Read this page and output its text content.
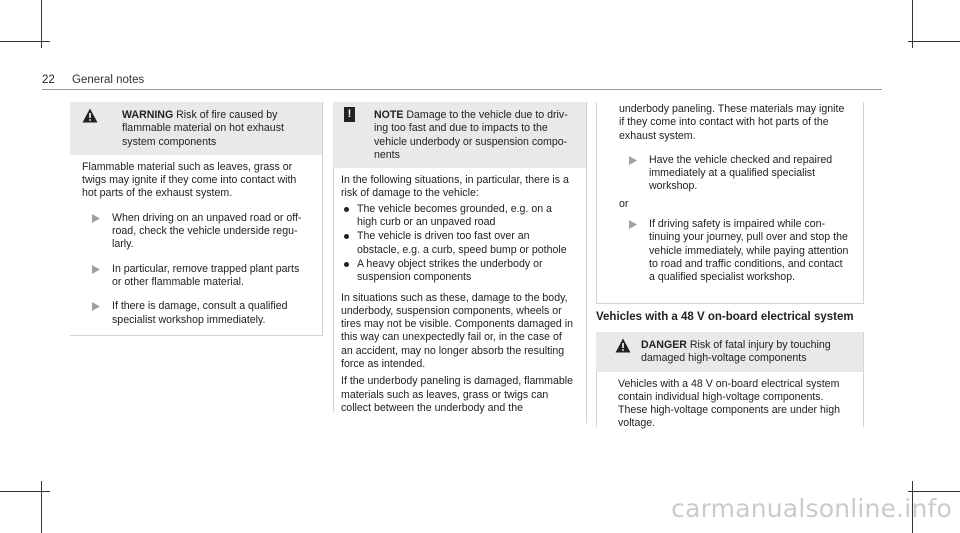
22 General notes
WARNING Risk of fire caused by flammable material on hot exhaust system components

Flammable material such as leaves, grass or twigs may ignite if they come into contact with hot parts of the exhaust system.

When driving on an unpaved road or off-road, check the vehicle underside regularly.
In particular, remove trapped plant parts or other flammable material.
If there is damage, consult a qualified specialist workshop immediately.
!	NOTE Damage to the vehicle due to driving too fast and due to impacts to the vehicle underbody or suspension components

In the following situations, in particular, there is a risk of damage to the vehicle:

The vehicle becomes grounded, e.g. on a high curb or an unpaved road
The vehicle is driven too fast over an obstacle, e.g. a curb, speed bump or pothole
A heavy object strikes the underbody or suspension components

In situations such as these, damage to the body, underbody, suspension components, wheels or tires may not be visible. Components damaged in this way can unexpectedly fail or, in the case of an accident, may no longer absorb the resulting force as intended.

If the underbody paneling is damaged, flammable materials such as leaves, grass or twigs can collect between the underbody and the

underbody paneling. These materials may ignite if they come into contact with hot parts of the exhaust system.

Have the vehicle checked and repaired immediately at a qualified specialist workshop.

or

If driving safety is impaired while continuing your journey, pull over and stop the vehicle immediately, while paying attention to road and traffic conditions, and contact a qualified specialist workshop.
Vehicles with a 48 V on-board electrical system
DANGER Risk of fatal injury by touching damaged high-voltage components

Vehicles with a 48 V on-board electrical system contain individual high-voltage components. These high-voltage components are under high voltage.

carmanualsonline.info
